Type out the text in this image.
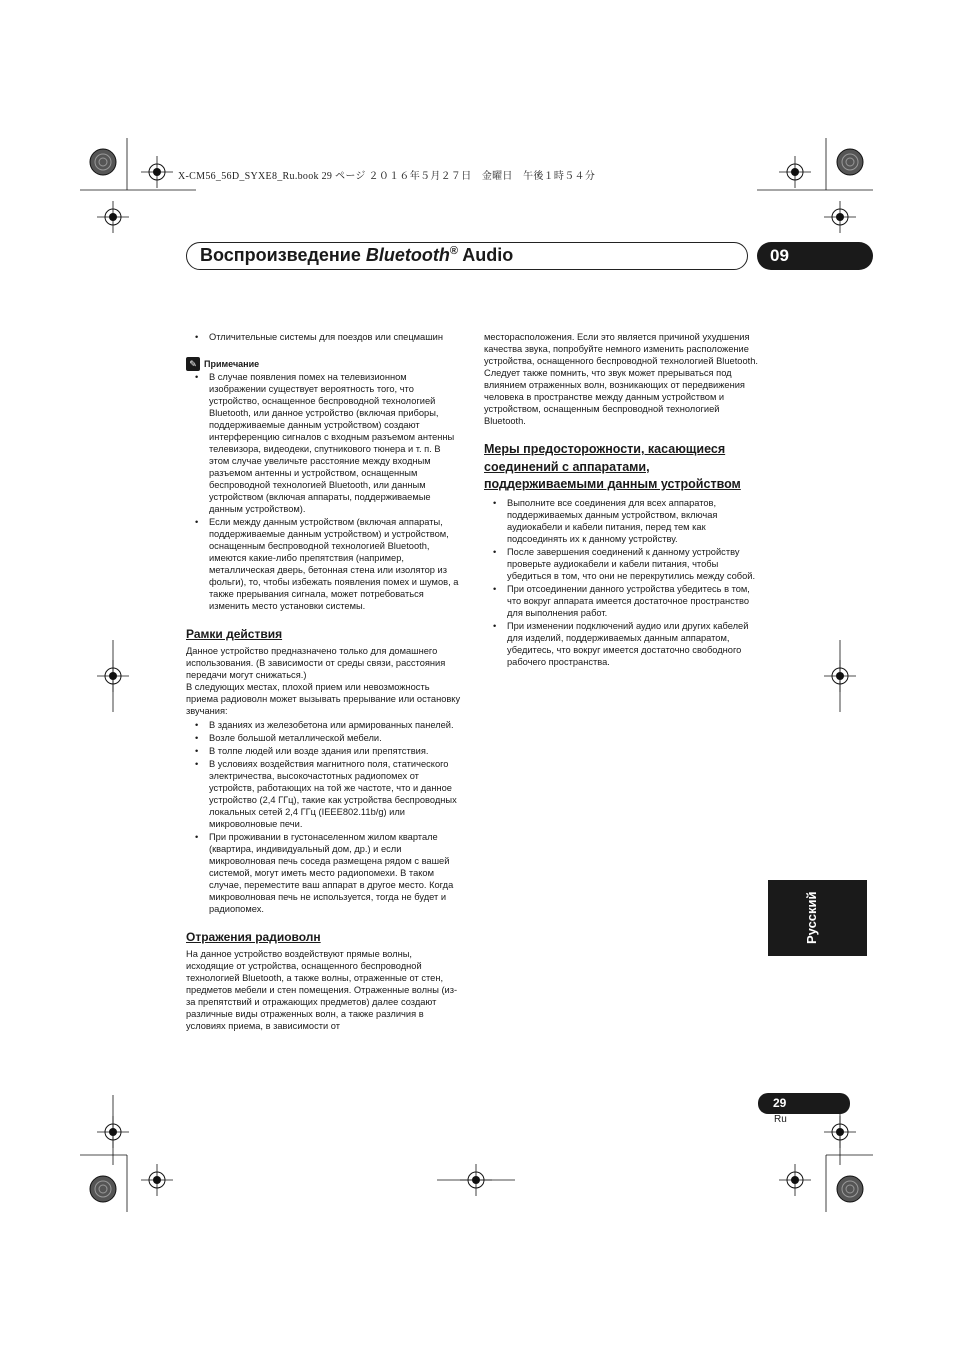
X-CM56_56D_SYXE8_Ru.book 29 ページ ２０１６年５月２７日　金曜日　午後１時５４分
Воспроизведение Bluetooth® Audio	09
• Отличительные системы для поездов или спецмашин
✎ Примечание
• В случае появления помех на телевизионном изображении существует вероятность того, что устройство, оснащенное беспроводной технологией Bluetooth, или данное устройство (включая приборы, поддерживаемые данным устройством) создают интерференцию сигналов с входным разъемом антенны телевизора, видеодеки, спутникового тюнера и т. п. В этом случае увеличьте расстояние между входным разъемом антенны и устройством, оснащенным беспроводной технологией Bluetooth, или данным устройством (включая аппараты, поддерживаемые данным устройством).
• Если между данным устройством (включая аппараты, поддерживаемые данным устройством) и устройством, оснащенным беспроводной технологией Bluetooth, имеются какие-либо препятствия (например, металлическая дверь, бетонная стена или изолятор из фольги), то, чтобы избежать появления помех и шумов, а также прерывания сигнала, может потребоваться изменить место установки системы.
Рамки действия

Данное устройство предназначено только для домашнего использования. (В зависимости от среды связи, расстояния передачи могут снижаться.)

В следующих местах, плохой прием или невозможность приема радиоволн может вызывать прерывание или остановку звучания:

• В зданиях из железобетона или армированных панелей.
• Возле большой металлической мебели.
• В толпе людей или возде здания или препятствия.
• В условиях воздействия магнитного поля, статического электричества, высокочастотных радиопомех от устройств, работающих на той же частоте, что и данное устройство (2,4 ГГц), такие как устройства беспроводных локальных сетей 2,4 ГГц (IEEE802.11b/g) или микроволновые печи.
• При проживании в густонаселенном жилом квартале (квартира, индивидуальный дом, др.) и если микроволновая печь соседа размещена рядом с вашей системой, могут иметь место радиопомехи. В таком случае, переместите ваш аппарат в другое место. Когда микроволновая печь не используется, тогда не будет и радиопомех.
Отражения радиоволн

На данное устройство воздействуют прямые волны, исходящие от устройства, оснащенного беспроводной технологией Bluetooth, а также волны, отраженные от стен, предметов мебели и стен помещения. Отраженные волны (из-за препятствий и отражающих предметов) далее создают различные виды отраженных волн, а также различия в условиях приема, в зависимости от

месторасположения. Если это является причиной ухудшения качества звука, попробуйте немного изменить расположение устройства, оснащенного беспроводной технологией Bluetooth. Следует также помнить, что звук может прерываться под влиянием отраженных волн, возникающих от передвижения человека в пространстве между данным устройством и устройством, оснащенным беспроводной технологией Bluetooth.

Меры предосторожности, касающиеся соединений с аппаратами, поддерживаемыми данным устройством
• Выполните все соединения для всех аппаратов, поддерживаемых данным устройством, включая аудиокабели и кабели питания, перед тем как подсоединять их к данному устройству.
• После завершения соединений к данному устройству проверьте аудиокабели и кабели питания, чтобы убедиться в том, что они не перекрутились между собой.
• При отсоединении данного устройства убедитесь в том, что вокруг аппарата имеется достаточное пространство для выполнения работ.
• При изменении подключений аудио или других кабелей для изделий, поддерживаемых данным аппаратом, убедитесь, что вокруг имеется достаточно свободного рабочего пространства.
Русский
29
Ru
